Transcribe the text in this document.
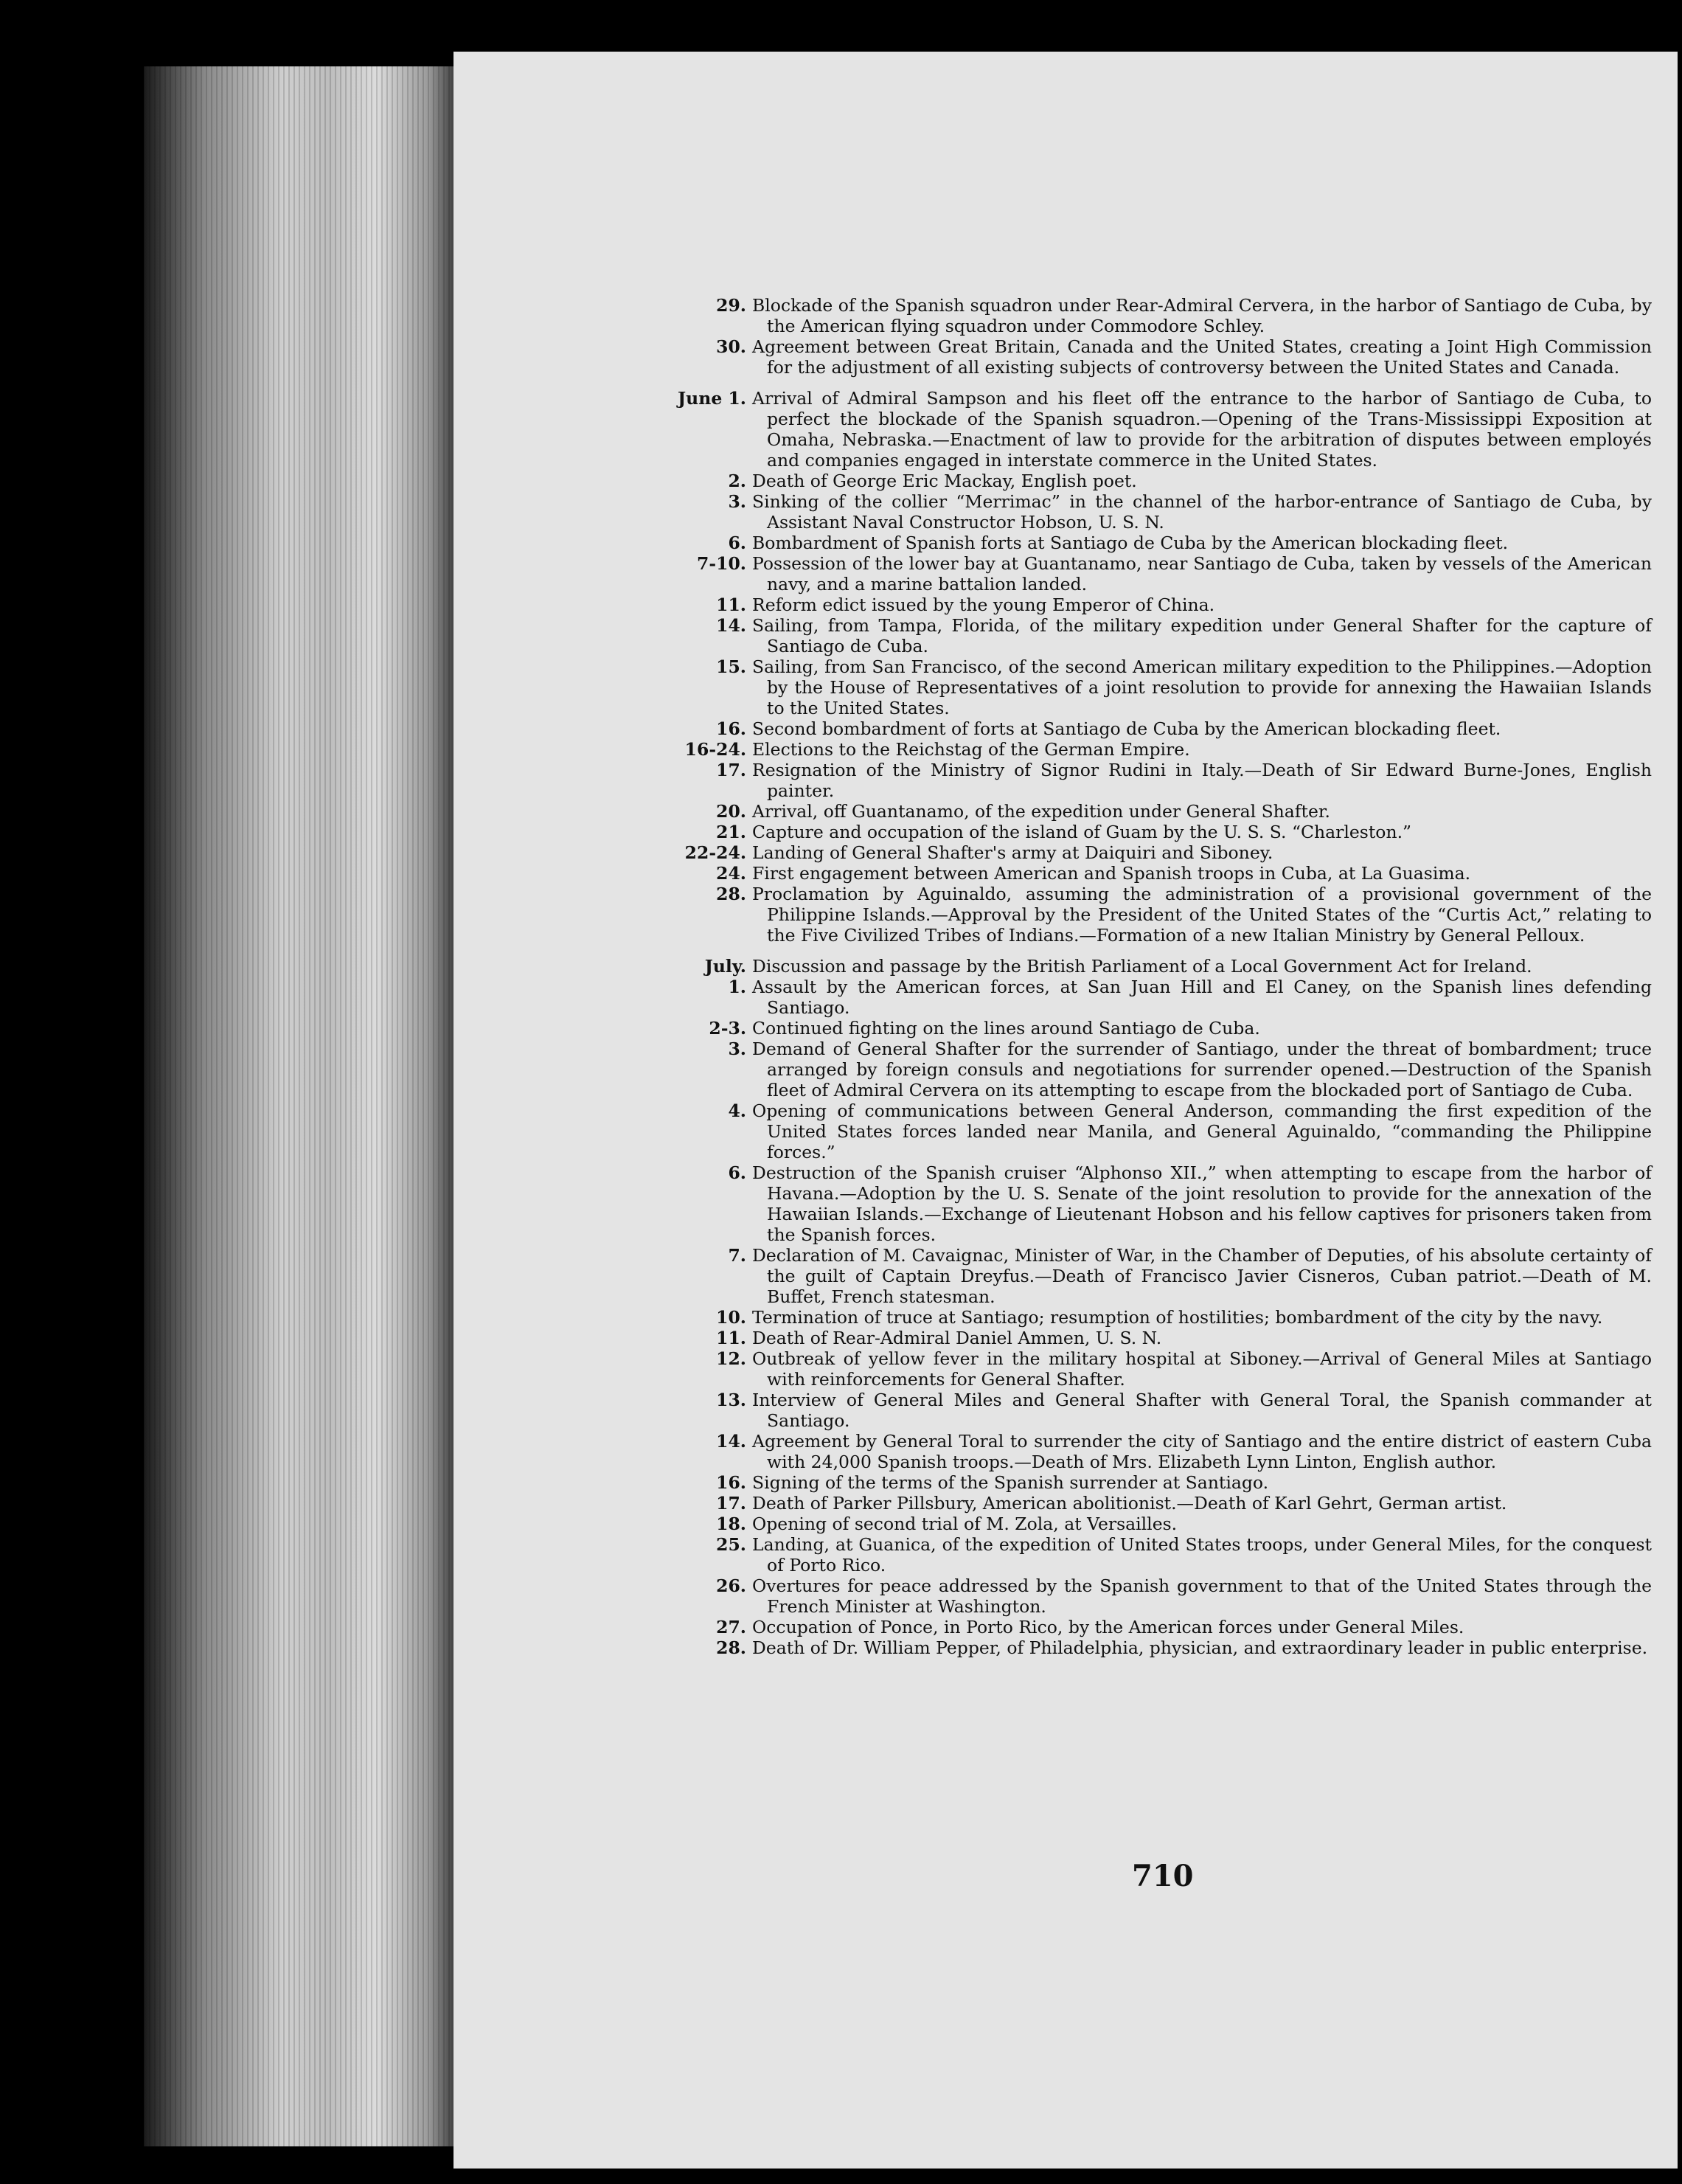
29. Blockade of the Spanish squadron under Rear-Admiral Cervera, in the harbor of Santiago de Cuba, by the American flying squadron under Commodore Schley.
30. Agreement between Great Britain, Canada and the United States, creating a Joint High Commission for the adjustment of all existing subjects of controversy between the United States and Canada.
June 1. Arrival of Admiral Sampson and his fleet off the entrance to the harbor of Santiago de Cuba, to perfect the blockade of the Spanish squadron.—Opening of the Trans-Mississippi Exposition at Omaha, Nebraska.—Enactment of law to provide for the arbitration of disputes between employés and companies engaged in interstate commerce in the United States.
2. Death of George Eric Mackay, English poet.
3. Sinking of the collier “Merrimac” in the channel of the harbor-entrance of Santiago de Cuba, by Assistant Naval Constructor Hobson, U. S. N.
6. Bombardment of Spanish forts at Santiago de Cuba by the American blockading fleet.
7-10. Possession of the lower bay at Guantanamo, near Santiago de Cuba, taken by vessels of the American navy, and a marine battalion landed.
11. Reform edict issued by the young Emperor of China.
14. Sailing, from Tampa, Florida, of the military expedition under General Shafter for the capture of Santiago de Cuba.
15. Sailing, from San Francisco, of the second American military expedition to the Philippines.—Adoption by the House of Representatives of a joint resolution to provide for annexing the Hawaiian Islands to the United States.
16. Second bombardment of forts at Santiago de Cuba by the American blockading fleet.
16-24. Elections to the Reichstag of the German Empire.
17. Resignation of the Ministry of Signor Rudini in Italy.—Death of Sir Edward Burne-Jones, English painter.
20. Arrival, off Guantanamo, of the expedition under General Shafter.
21. Capture and occupation of the island of Guam by the U. S. S. “Charleston.”
22-24. Landing of General Shafter's army at Daiquiri and Siboney.
24. First engagement between American and Spanish troops in Cuba, at La Guasima.
28. Proclamation by Aguinaldo, assuming the administration of a provisional government of the Philippine Islands.—Approval by the President of the United States of the “Curtis Act,” relating to the Five Civilized Tribes of Indians.—Formation of a new Italian Ministry by General Pelloux.
July. Discussion and passage by the British Parliament of a Local Government Act for Ireland.
1. Assault by the American forces, at San Juan Hill and El Caney, on the Spanish lines defending Santiago.
2-3. Continued fighting on the lines around Santiago de Cuba.
3. Demand of General Shafter for the surrender of Santiago, under the threat of bombardment; truce arranged by foreign consuls and negotiations for surrender opened.—Destruction of the Spanish fleet of Admiral Cervera on its attempting to escape from the blockaded port of Santiago de Cuba.
4. Opening of communications between General Anderson, commanding the first expedition of the United States forces landed near Manila, and General Aguinaldo, “commanding the Philippine forces.”
6. Destruction of the Spanish cruiser “Alphonso XII.,” when attempting to escape from the harbor of Havana.—Adoption by the U. S. Senate of the joint resolution to provide for the annexation of the Hawaiian Islands.—Exchange of Lieutenant Hobson and his fellow captives for prisoners taken from the Spanish forces.
7. Declaration of M. Cavaignac, Minister of War, in the Chamber of Deputies, of his absolute certainty of the guilt of Captain Dreyfus.—Death of Francisco Javier Cisneros, Cuban patriot.—Death of M. Buffet, French statesman.
10. Termination of truce at Santiago; resumption of hostilities; bombardment of the city by the navy.
11. Death of Rear-Admiral Daniel Ammen, U. S. N.
12. Outbreak of yellow fever in the military hospital at Siboney.—Arrival of General Miles at Santiago with reinforcements for General Shafter.
13. Interview of General Miles and General Shafter with General Toral, the Spanish commander at Santiago.
14. Agreement by General Toral to surrender the city of Santiago and the entire district of eastern Cuba with 24,000 Spanish troops.—Death of Mrs. Elizabeth Lynn Linton, English author.
16. Signing of the terms of the Spanish surrender at Santiago.
17. Death of Parker Pillsbury, American abolitionist.—Death of Karl Gehrt, German artist.
18. Opening of second trial of M. Zola, at Versailles.
25. Landing, at Guanica, of the expedition of United States troops, under General Miles, for the conquest of Porto Rico.
26. Overtures for peace addressed by the Spanish government to that of the United States through the French Minister at Washington.
27. Occupation of Ponce, in Porto Rico, by the American forces under General Miles.
28. Death of Dr. William Pepper, of Philadelphia, physician, and extraordinary leader in public enterprise.
710
